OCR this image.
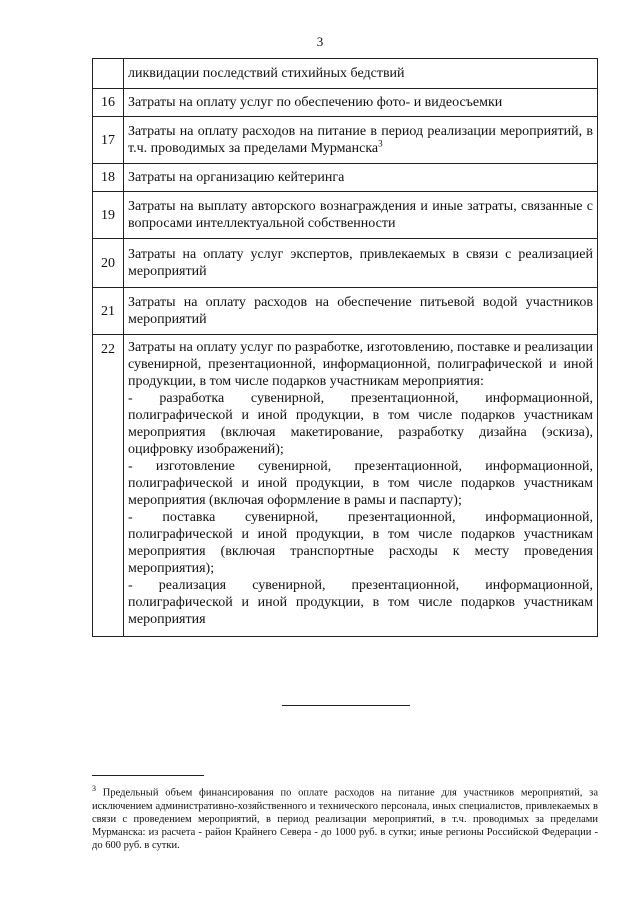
3
	ликвидации последствий стихийных бедствий
16	Затраты на оплату услуг по обеспечению фото- и видеосъемки
17	Затраты на оплату расходов на питание в период реализации мероприятий, в т.ч. проводимых за пределами Мурманска$^3$
18	Затраты на организацию кейтеринга
19	Затраты на выплату авторского вознаграждения и иные затраты, связанные с вопросами интеллектуальной собственности
20	Затраты на оплату услуг экспертов, привлекаемых в связи с реализацией мероприятий
21	Затраты на оплату расходов на обеспечение питьевой водой участников мероприятий
22	Затраты на оплату услуг по разработке, изготовлению, поставке и реализации сувенирной, презентационной, информационной, полиграфической и иной продукции, в том числе подарков участникам мероприятия:
- разработка сувенирной, презентационной, информационной, полиграфической и иной продукции, в том числе подарков участникам мероприятия (включая макетирование, разработку дизайна (эскиза), оцифровку изображений);
- изготовление сувенирной, презентационной, информационной, полиграфической и иной продукции, в том числе подарков участникам мероприятия (включая оформление в рамы и паспарту);
- поставка сувенирной, презентационной, информационной, полиграфической и иной продукции, в том числе подарков участникам мероприятия (включая транспортные расходы к месту проведения мероприятия);
- реализация сувенирной, презентационной, информационной, полиграфической и иной продукции, в том числе подарков участникам мероприятия
$^3$ Предельный объем финансирования по оплате расходов на питание для участников мероприятий, за исключением административно-хозяйственного и технического персонала, иных специалистов, привлекаемых в связи с проведением мероприятий, в период реализации мероприятий, в т.ч. проводимых за пределами Мурманска: из расчета - район Крайнего Севера - до 1000 руб. в сутки; иные регионы Российской Федерации - до 600 руб. в сутки.
